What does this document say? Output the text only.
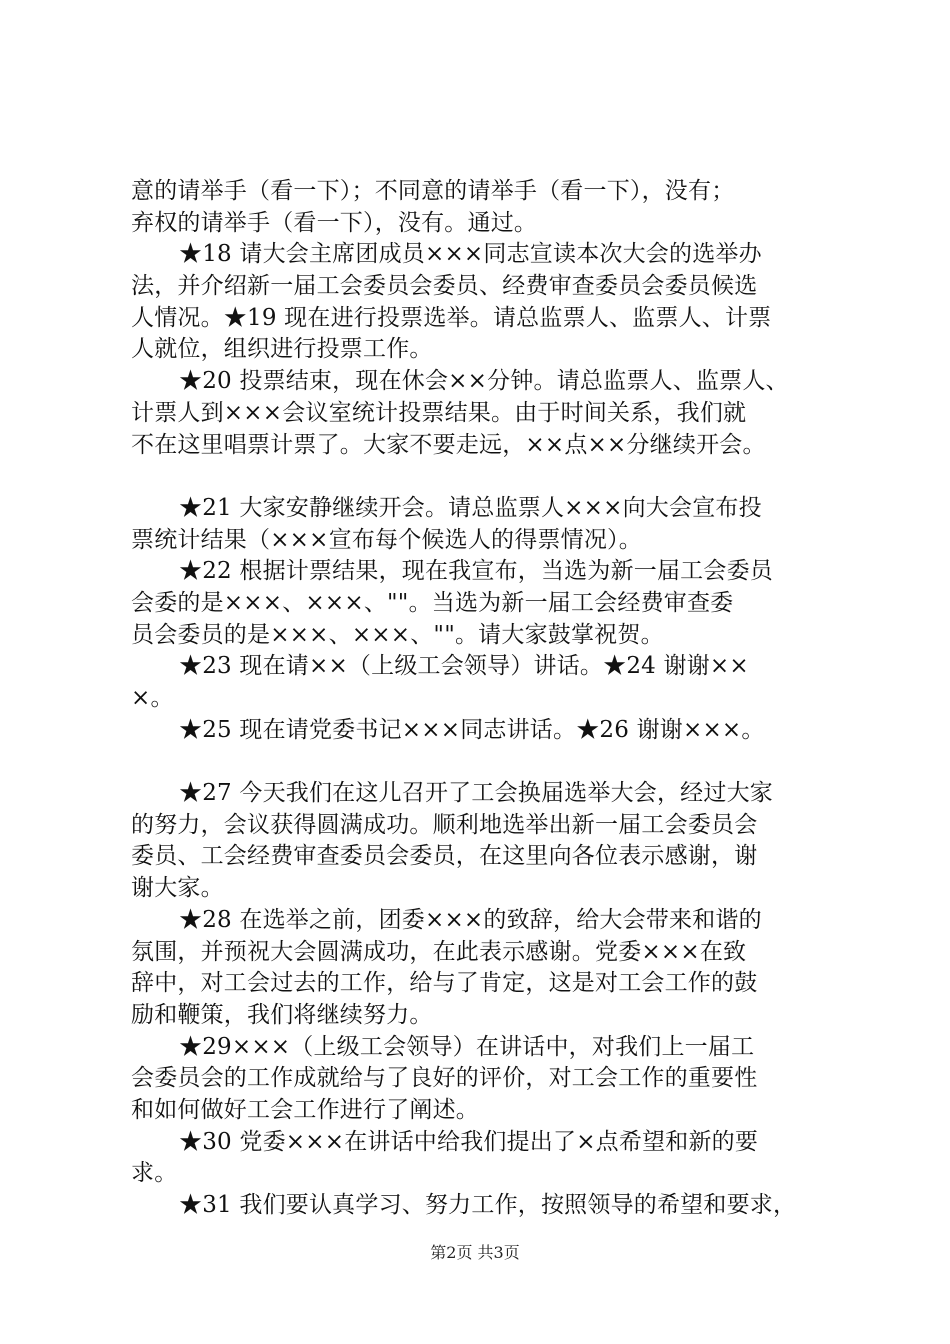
意的请举手（看一下）；不同意的请举手（看一下），没有；
弃权的请举手（看一下），没有。通过。
★18 请大会主席团成员×××同志宣读本次大会的选举办
法，并介绍新一届工会委员会委员、经费审查委员会委员候选
人情况。★19 现在进行投票选举。请总监票人、监票人、计票
人就位，组织进行投票工作。
★20 投票结束，现在休会××分钟。请总监票人、监票人、
计票人到×××会议室统计投票结果。由于时间关系，我们就
不在这里唱票计票了。大家不要走远，××点××分继续开会。
★21 大家安静继续开会。请总监票人×××向大会宣布投
票统计结果（×××宣布每个候选人的得票情况）。
★22 根据计票结果，现在我宣布，当选为新一届工会委员
会委的是×××、×××、""。当选为新一届工会经费审查委
员会委员的是×××、×××、""。请大家鼓掌祝贺。
★23 现在请××（上级工会领导）讲话。★24 谢谢××
×。
★25 现在请党委书记×××同志讲话。★26 谢谢×××。
★27 今天我们在这儿召开了工会换届选举大会，经过大家
的努力，会议获得圆满成功。顺利地选举出新一届工会委员会
委员、工会经费审查委员会委员，在这里向各位表示感谢，谢
谢大家。
★28 在选举之前，团委×××的致辞，给大会带来和谐的
氛围，并预祝大会圆满成功，在此表示感谢。党委×××在致
辞中，对工会过去的工作，给与了肯定，这是对工会工作的鼓
励和鞭策，我们将继续努力。
★29×××（上级工会领导）在讲话中，对我们上一届工
会委员会的工作成就给与了良好的评价，对工会工作的重要性
和如何做好工会工作进行了阐述。
★30 党委×××在讲话中给我们提出了×点希望和新的要
求。
★31 我们要认真学习、努力工作，按照领导的希望和要求，
第2页 共3页
